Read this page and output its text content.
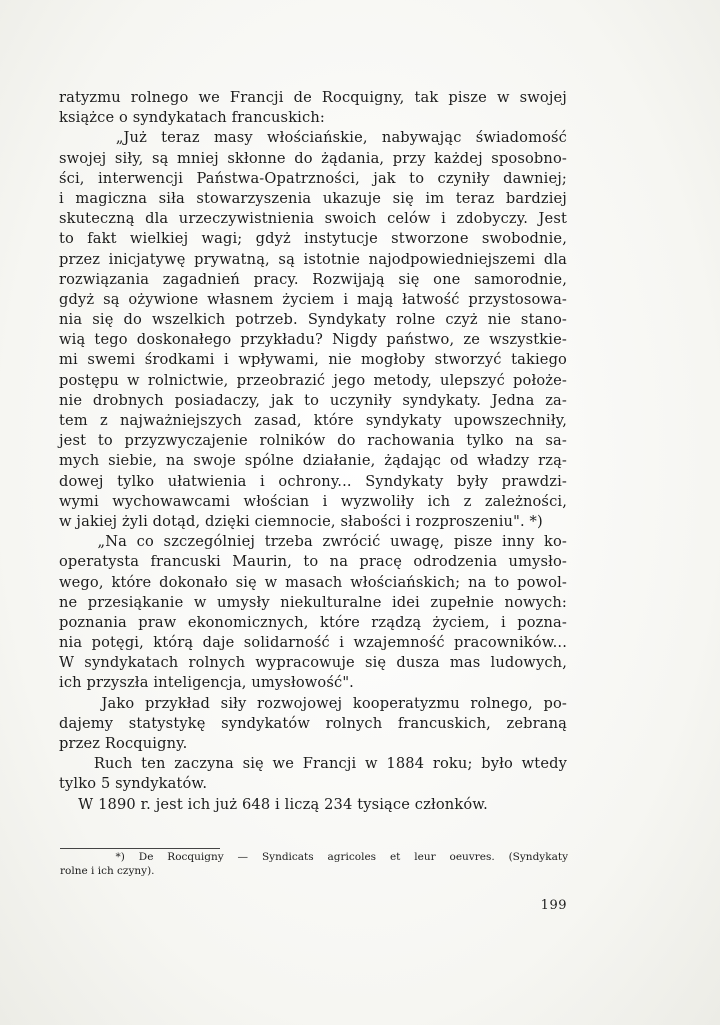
ratyzmu rolnego we Francji de Rocquigny, tak pisze w swojej
książce o syndykatach francuskich:
„Już teraz masy włościańskie, nabywając świadomość
swojej siły, są mniej skłonne do żądania, przy każdej sposobno-
ści, interwencji Państwa-Opatrzności, jak to czyniły dawniej;
i magiczna siła stowarzyszenia ukazuje się im teraz bardziej
skuteczną dla urzeczywistnienia swoich celów i zdobyczy. Jest
to fakt wielkiej wagi; gdyż instytucje stworzone swobodnie,
przez inicjatywę prywatną, są istotnie najodpowiedniejszemi dla
rozwiązania zagadnień pracy. Rozwijają się one samorodnie,
gdyż są ożywione własnem życiem i mają łatwość przystosowa-
nia się do wszelkich potrzeb. Syndykaty rolne czyż nie stano-
wią tego doskonałego przykładu? Nigdy państwo, ze wszystkie-
mi swemi środkami i wpływami, nie mogłoby stworzyć takiego
postępu w rolnictwie, przeobrazić jego metody, ulepszyć położe-
nie drobnych posiadaczy, jak to uczyniły syndykaty. Jedna za-
tem z najważniejszych zasad, które syndykaty upowszechniły,
jest to przyzwyczajenie rolników do rachowania tylko na sa-
mych siebie, na swoje spólne działanie, żądając od władzy rzą-
dowej tylko ułatwienia i ochrony... Syndykaty były prawdzi-
wymi wychowawcami włościan i wyzwoliły ich z zależności,
w jakiej żyli dotąd, dzięki ciemnocie, słabości i rozproszeniu". *)
„Na co szczególniej trzeba zwrócić uwagę, pisze inny ko-
operatysta francuski Maurin, to na pracę odrodzenia umysło-
wego, które dokonało się w masach włościańskich; na to powol-
ne przesiąkanie w umysły niekulturalne idei zupełnie nowych:
poznania praw ekonomicznych, które rządzą życiem, i pozna-
nia potęgi, którą daje solidarność i wzajemność pracowników...
W syndykatach rolnych wypracowuje się dusza mas ludowych,
ich przyszła inteligencja, umysłowość".
Jako przykład siły rozwojowej kooperatyzmu rolnego, po-
dajemy statystykę syndykatów rolnych francuskich, zebraną
przez Rocquigny.
Ruch ten zaczyna się we Francji w 1884 roku; było wtedy
tylko 5 syndykatów.
W 1890 r. jest ich już 648 i liczą 234 tysiące członków.
*) De Rocquigny — Syndicats agricoles et leur oeuvres. (Syndykaty
rolne i ich czyny).
199
